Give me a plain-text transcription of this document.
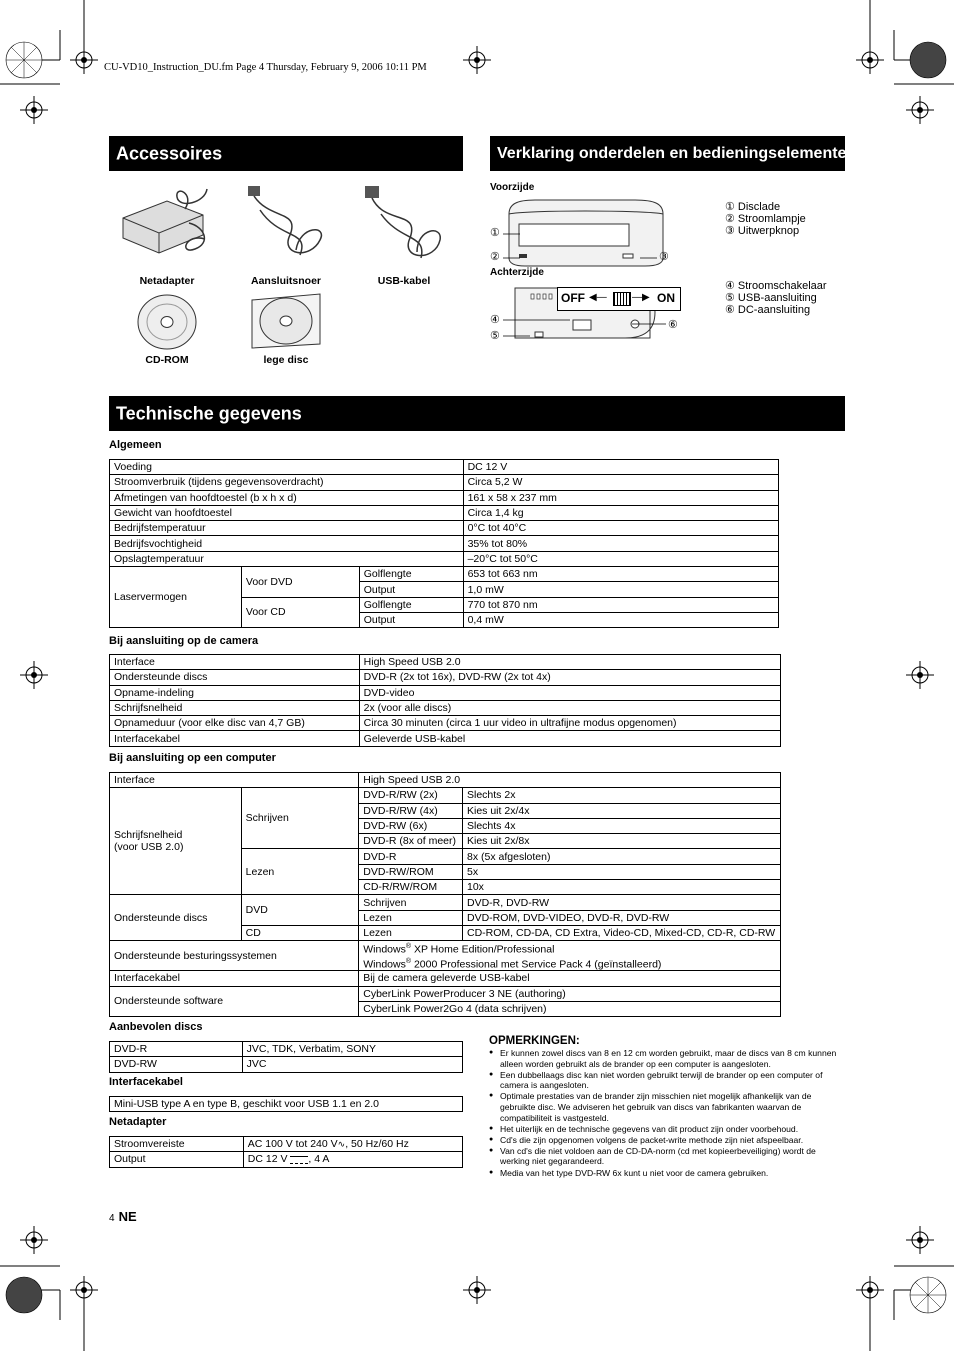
CU-VD10_Instruction_DU.fm Page 4 Thursday, February 9, 2006 10:11 PM
Accessoires	Verklaring onderdelen en bedieningselementen
Technische gegevens
Netadapter	Aansluitsnoer	USB-kabel
CD-ROM	lege disc
Voorzijde
Achterzijde
①
②	③
OFF ◀—	—▶ ON
④
⑤
⑥
① Disclade
② Stroomlampje
③ Uitwerpknop
④ Stroomschakelaar
⑤ USB-aansluiting
⑥ DC-aansluiting
Algemeen
Voeding			DC 12 V
Stroomverbruik (tijdens gegevensoverdracht)			Circa 5,2 W
Afmetingen van hoofdtoestel (b x h x d)			161 x 58 x 237 mm
Gewicht van hoofdtoestel			Circa 1,4 kg
Bedrijfstemperatuur			0°C tot 40°C
Bedrijfsvochtigheid			35% tot 80%
Opslagtemperatuur			–20°C tot 50°C
Laservermogen	Voor DVD	Golflengte	653 tot 663 nm
		Output	1,0 mW
	Voor CD	Golflengte	770 tot 870 nm
		Output	0,4 mW
Bij aansluiting op de camera
Interface	High Speed USB 2.0
Ondersteunde discs	DVD-R (2x tot 16x), DVD-RW (2x tot 4x)
Opname-indeling	DVD-video
Schrijfsnelheid	2x (voor alle discs)
Opnameduur (voor elke disc van 4,7 GB)	Circa 30 minuten (circa 1 uur video in ultrafijne modus opgenomen)
Interfacekabel	Geleverde USB-kabel
Bij aansluiting op een computer
Interface		High Speed USB 2.0	
Schrijfsnelheid
(voor USB 2.0)	Schrijven	DVD-R/RW (2x)	Slechts 2x
		DVD-R/RW (4x)	Kies uit 2x/4x
		DVD-RW (6x)	Slechts 4x
		DVD-R (8x of meer)	Kies uit 2x/8x
	Lezen	DVD-R	8x (5x afgesloten)
		DVD-RW/ROM	5x
		CD-R/RW/ROM	10x
Ondersteunde discs	DVD	Schrijven	DVD-R, DVD-RW
		Lezen	DVD-ROM, DVD-VIDEO, DVD-R, DVD-RW
	CD	Lezen	CD-ROM, CD-DA, CD Extra, Video-CD, Mixed-CD, CD-R, CD-RW
Ondersteunde besturingssystemen		Windows® XP Home Edition/Professional
Windows® 2000 Professional met Service Pack 4 (geïnstalleerd)	
Interfacekabel		Bij de camera geleverde USB-kabel	
Ondersteunde software		CyberLink PowerProducer 3 NE (authoring)	
		CyberLink Power2Go 4 (data schrijven)	
Aanbevolen discs
DVD-R	JVC, TDK, Verbatim, SONY
DVD-RW	JVC
Interfacekabel
Mini-USB type A en type B, geschikt voor USB 1.1 en 2.0
Netadapter
Stroomvereiste	AC 100 V tot 240 V∿, 50 Hz/60 Hz
Output	DC 12 V , 4 A
OPMERKINGEN:
● Er kunnen zowel discs van 8 en 12 cm worden gebruikt, maar de discs van 8 cm kunnen alleen worden gebruikt als de brander op een computer is aangesloten.
● Een dubbellaags disc kan niet worden gebruikt terwijl de brander op een computer of camera is aangesloten.
● Optimale prestaties van de brander zijn misschien niet mogelijk afhankelijk van de gebruikte disc. We adviseren het gebruik van discs van fabrikanten waarvan de compatibiliteit is vastgesteld.
● Het uiterlijk en de technische gegevens van dit product zijn onder voorbehoud.
● Cd's die zijn opgenomen volgens de packet-write methode zijn niet afspeelbaar.
● Van cd's die niet voldoen aan de CD-DA-norm (cd met kopieerbeveiliging) wordt de werking niet gegarandeerd.
● Media van het type DVD-RW 6x kunt u niet voor de camera gebruiken.
4 NE
